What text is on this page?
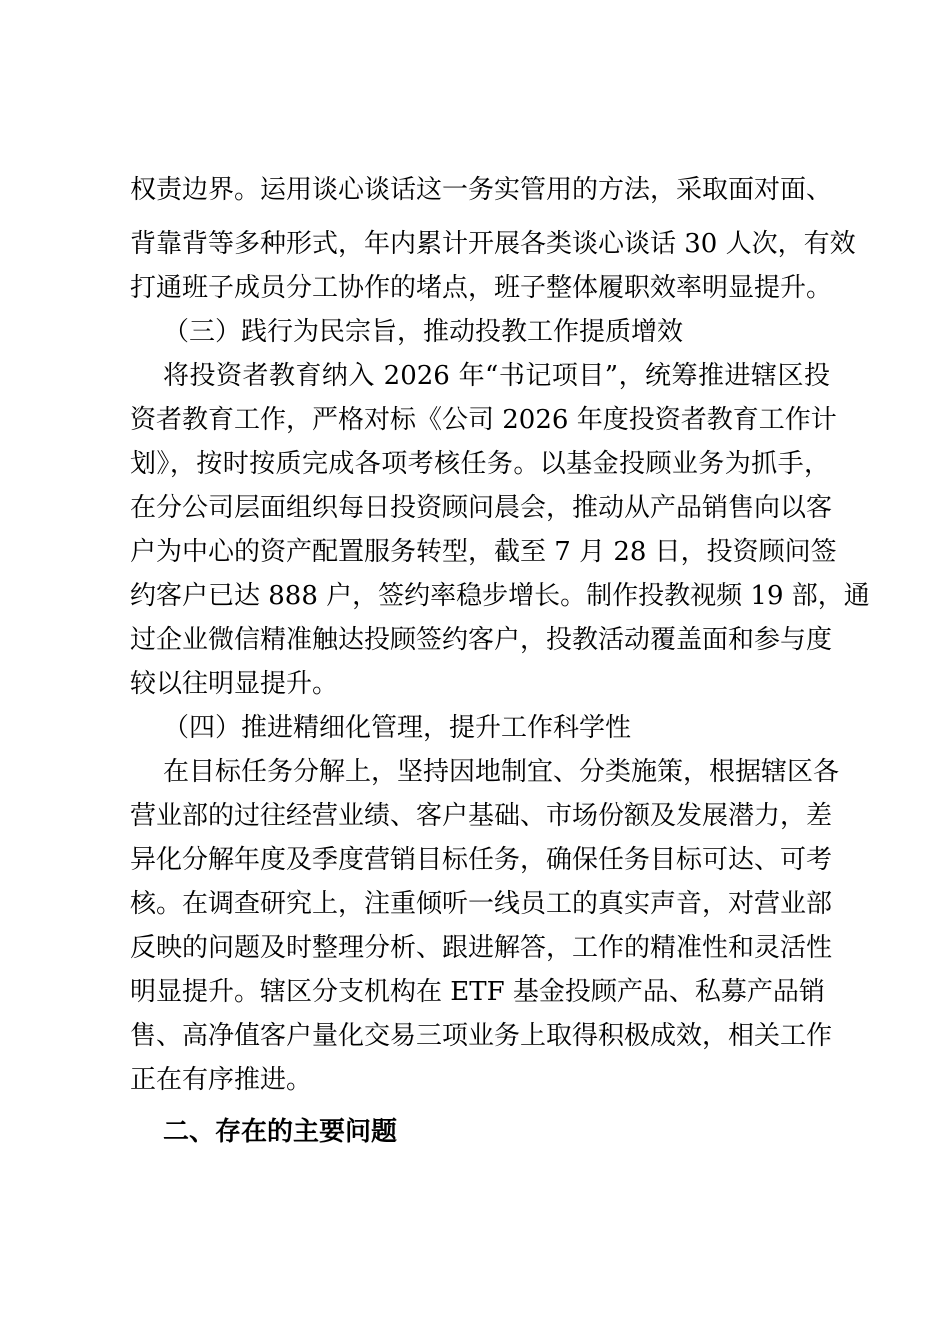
权责边界。运用谈心谈话这一务实管用的方法，采取面对面、
背靠背等多种形式，年内累计开展各类谈心谈话 30 人次，有效
打通班子成员分工协作的堵点，班子整体履职效率明显提升。
（三）践行为民宗旨，推动投教工作提质增效
将投资者教育纳入 2026 年“书记项目”，统筹推进辖区投
资者教育工作，严格对标《公司 2026 年度投资者教育工作计
划》，按时按质完成各项考核任务。以基金投顾业务为抓手，
在分公司层面组织每日投资顾问晨会，推动从产品销售向以客
户为中心的资产配置服务转型，截至 7 月 28 日，投资顾问签
约客户已达 888 户，签约率稳步增长。制作投教视频 19 部，通
过企业微信精准触达投顾签约客户，投教活动覆盖面和参与度
较以往明显提升。
（四）推进精细化管理，提升工作科学性
在目标任务分解上，坚持因地制宜、分类施策，根据辖区各
营业部的过往经营业绩、客户基础、市场份额及发展潜力，差
异化分解年度及季度营销目标任务，确保任务目标可达、可考
核。在调查研究上，注重倾听一线员工的真实声音，对营业部
反映的问题及时整理分析、跟进解答，工作的精准性和灵活性
明显提升。辖区分支机构在 ETF 基金投顾产品、私募产品销
售、高净值客户量化交易三项业务上取得积极成效，相关工作
正在有序推进。
二、存在的主要问题
